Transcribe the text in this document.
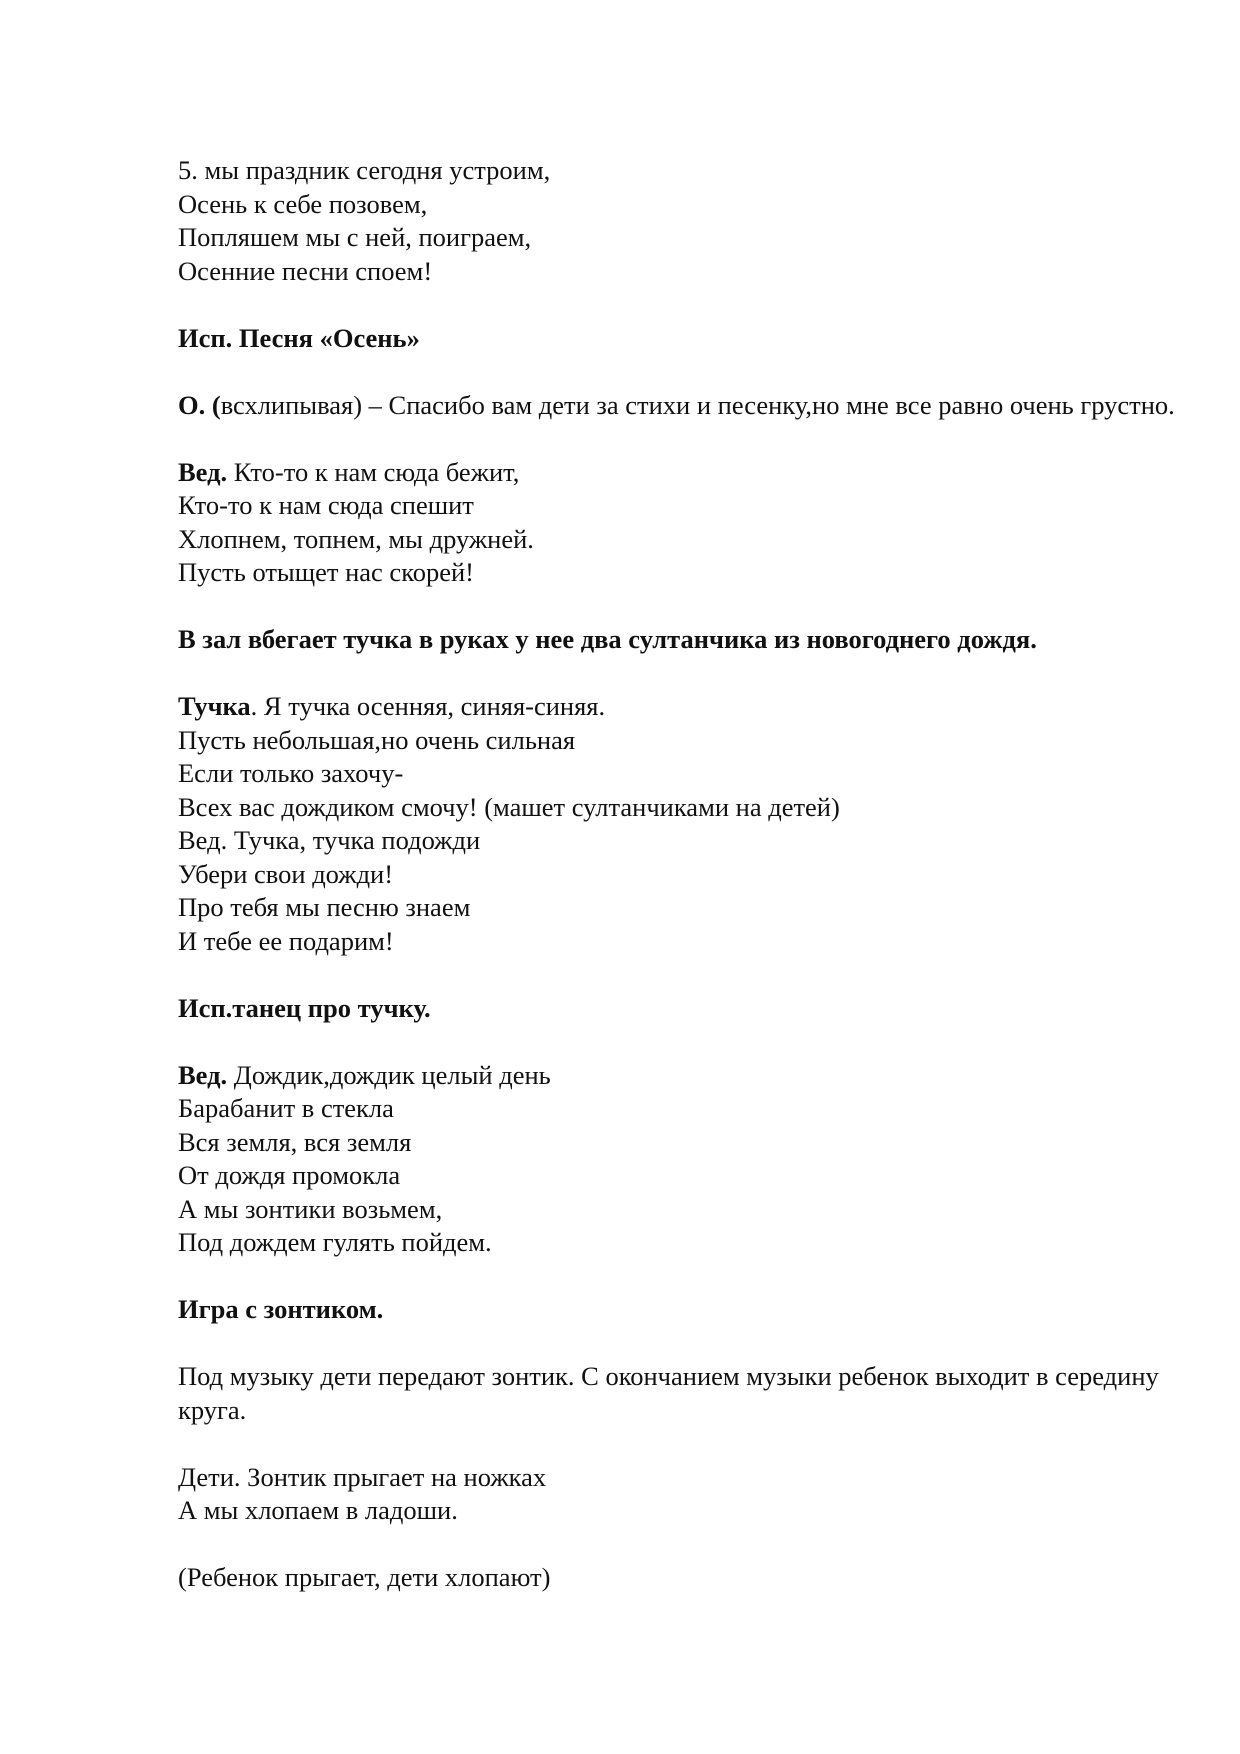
5. мы праздник сегодня устроим,
Осень к себе позовем,
Попляшем мы с ней, поиграем,
Осенние песни споем!
Исп. Песня «Осень»
О. (всхлипывая) – Спасибо вам дети за стихи и песенку,но мне все равно очень грустно.
Вед. Кто-то к нам сюда бежит,
Кто-то к нам сюда спешит
Хлопнем, топнем, мы дружней.
Пусть отыщет нас скорей!
В зал вбегает тучка в руках у нее два султанчика из новогоднего дождя.
Тучка. Я тучка осенняя, синяя-синяя.
Пусть небольшая,но очень сильная
Если только захочу-
Всех вас дождиком смочу! (машет султанчиками на детей)
Вед. Тучка, тучка подожди
Убери свои дожди!
Про тебя мы песню знаем
И тебе ее подарим!
Исп.танец про тучку.
Вед. Дождик,дождик целый день
Барабанит в стекла
Вся земля, вся земля
От дождя промокла
А мы зонтики возьмем,
Под дождем гулять пойдем.
Игра с зонтиком.
Под музыку дети передают зонтик. С окончанием музыки ребенок выходит в середину круга.
Дети. Зонтик прыгает на ножках
А мы хлопаем в ладоши.
(Ребенок прыгает, дети хлопают)
